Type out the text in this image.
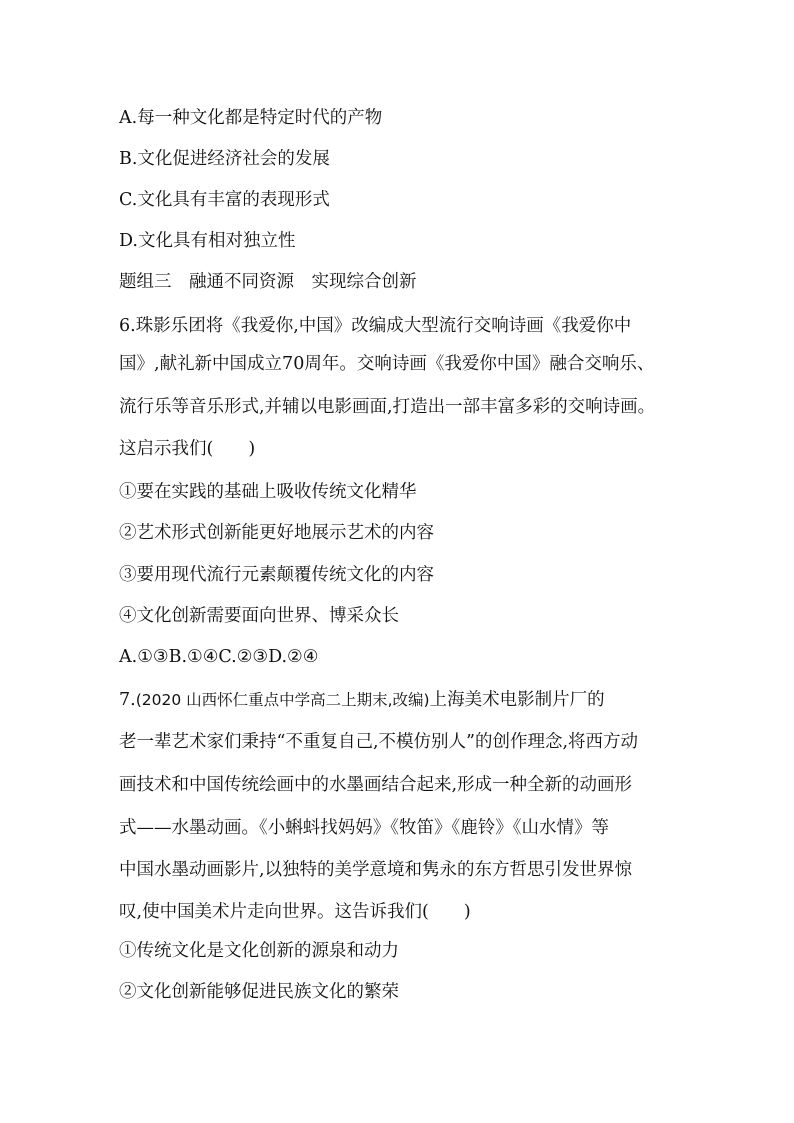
A.每一种文化都是特定时代的产物
B.文化促进经济社会的发展
C.文化具有丰富的表现形式
D.文化具有相对独立性
题组三　融通不同资源　实现综合创新
6.珠影乐团将《我爱你,中国》改编成大型流行交响诗画《我爱你中
国》,献礼新中国成立70周年。交响诗画《我爱你中国》融合交响乐、
流行乐等音乐形式,并辅以电影画面,打造出一部丰富多彩的交响诗画。
这启示我们(　　)
①要在实践的基础上吸收传统文化精华
②艺术形式创新能更好地展示艺术的内容
③要用现代流行元素颠覆传统文化的内容
④文化创新需要面向世界、博采众长
A.①③B.①④C.②③D.②④
7.(2020 山西怀仁重点中学高二上期末,改编)上海美术电影制片厂的
老一辈艺术家们秉持“不重复自己,不模仿别人”的创作理念,将西方动
画技术和中国传统绘画中的水墨画结合起来,形成一种全新的动画形
式——水墨动画。《小蝌蚪找妈妈》《牧笛》《鹿铃》《山水情》等
中国水墨动画影片,以独特的美学意境和隽永的东方哲思引发世界惊
叹,使中国美术片走向世界。这告诉我们(　　)
①传统文化是文化创新的源泉和动力
②文化创新能够促进民族文化的繁荣
